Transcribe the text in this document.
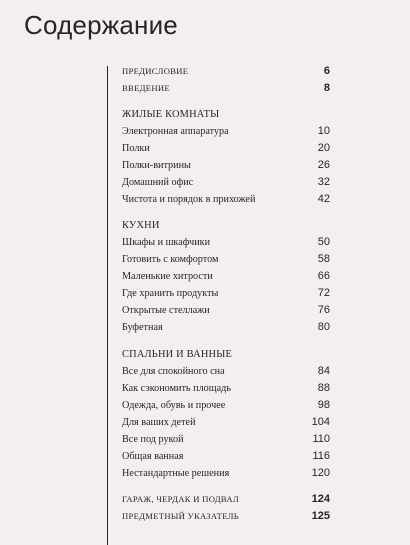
Содержание
ПРЕДИСЛОВИЕ	6
ВВЕДЕНИЕ	8
ЖИЛЫЕ КОМНАТЫ
Электронная аппаратура	10
Полки	20
Полки-витрины	26
Домашний офис	32
Чистота и порядок в прихожей	42
КУХНИ
Шкафы и шкафчики	50
Готовить с комфортом	58
Маленькие хитрости	66
Где хранить продукты	72
Открытые стеллажи	76
Буфетная	80
СПАЛЬНИ И ВАННЫЕ
Все для спокойного сна	84
Как сэкономить площадь	88
Одежда, обувь и прочее	98
Для ваших детей	104
Все под рукой	110
Общая ванная	116
Нестандартные решения	120
ГАРАЖ, ЧЕРДАК И ПОДВАЛ	124
ПРЕДМЕТНЫЙ УКАЗАТЕЛЬ	125
